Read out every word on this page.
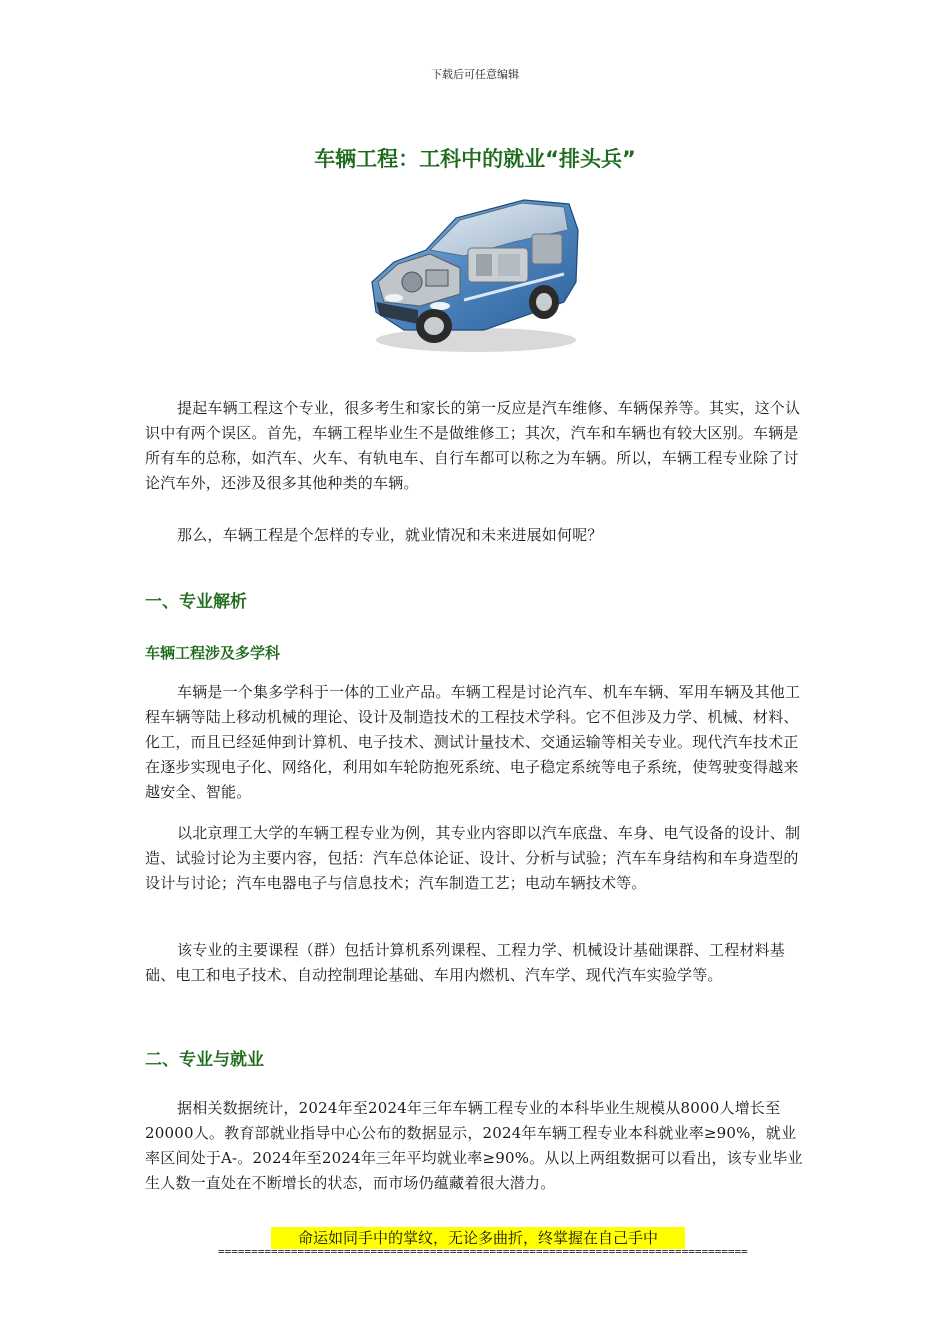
下载后可任意编辑
车辆工程：工科中的就业“排头兵”
提起车辆工程这个专业，很多考生和家长的第一反应是汽车维修、车辆保养等。其实，这个认识中有两个误区。首先，车辆工程毕业生不是做维修工；其次，汽车和车辆也有较大区别。车辆是所有车的总称，如汽车、火车、有轨电车、自行车都可以称之为车辆。所以，车辆工程专业除了讨论汽车外，还涉及很多其他种类的车辆。
那么，车辆工程是个怎样的专业，就业情况和未来进展如何呢？
一、专业解析
车辆工程涉及多学科
车辆是一个集多学科于一体的工业产品。车辆工程是讨论汽车、机车车辆、军用车辆及其他工程车辆等陆上移动机械的理论、设计及制造技术的工程技术学科。它不但涉及力学、机械、材料、化工，而且已经延伸到计算机、电子技术、测试计量技术、交通运输等相关专业。现代汽车技术正在逐步实现电子化、网络化，利用如车轮防抱死系统、电子稳定系统等电子系统，使驾驶变得越来越安全、智能。
以北京理工大学的车辆工程专业为例，其专业内容即以汽车底盘、车身、电气设备的设计、制造、试验讨论为主要内容，包括：汽车总体论证、设计、分析与试验；汽车车身结构和车身造型的设计与讨论；汽车电器电子与信息技术；汽车制造工艺；电动车辆技术等。
该专业的主要课程（群）包括计算机系列课程、工程力学、机械设计基础课群、工程材料基础、电工和电子技术、自动控制理论基础、车用内燃机、汽车学、现代汽车实验学等。
二、专业与就业
据相关数据统计，2024年至2024年三年车辆工程专业的本科毕业生规模从8000人增长至20000人。教育部就业指导中心公布的数据显示，2024年车辆工程专业本科就业率≥90%，就业率区间处于A-。2024年至2024年三年平均就业率≥90%。从以上两组数据可以看出，该专业毕业生人数一直处在不断增长的状态，而市场仍蕴藏着很大潜力。
命运如同手中的掌纹，无论多曲折，终掌握在自己手中
================================================================================
